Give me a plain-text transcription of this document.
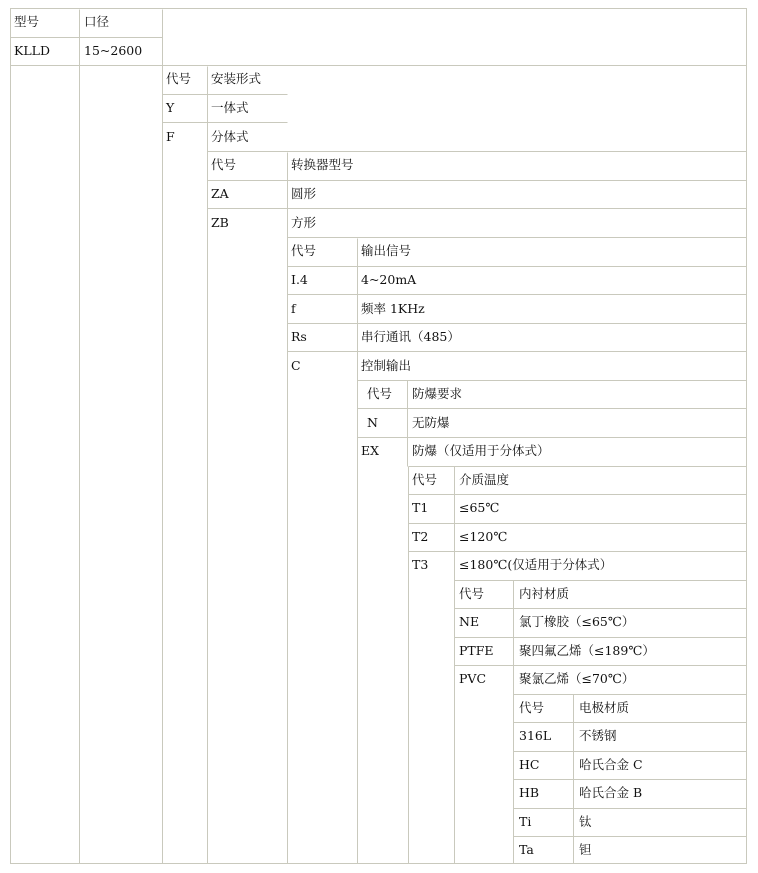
型号	口径
KLLD	15~2600
代号 安装形式
Y	一体式
F	分体式
代号	转换器型号
ZA	圆形
ZB	方形
代号	输出信号
I.4	4~20mA
f	频率 1KHz
Rs	串行通讯（485）
C	控制输出
代号 防爆要求
N	无防爆
EX	防爆（仅适用于分体式）
代号 介质温度
T1 ≤65℃
T2 ≤120℃
T3 ≤180℃(仅适用于分体式）
代号	内衬材质
NE	氯丁橡胶（≤65℃）
PTFE 聚四氟乙烯（≤189℃）
PVC	聚氯乙烯（≤70℃）
代号	电极材质
316L 不锈钢
HC	哈氏合金 C
HB	哈氏合金 B
Ti	钛
Ta	钽
